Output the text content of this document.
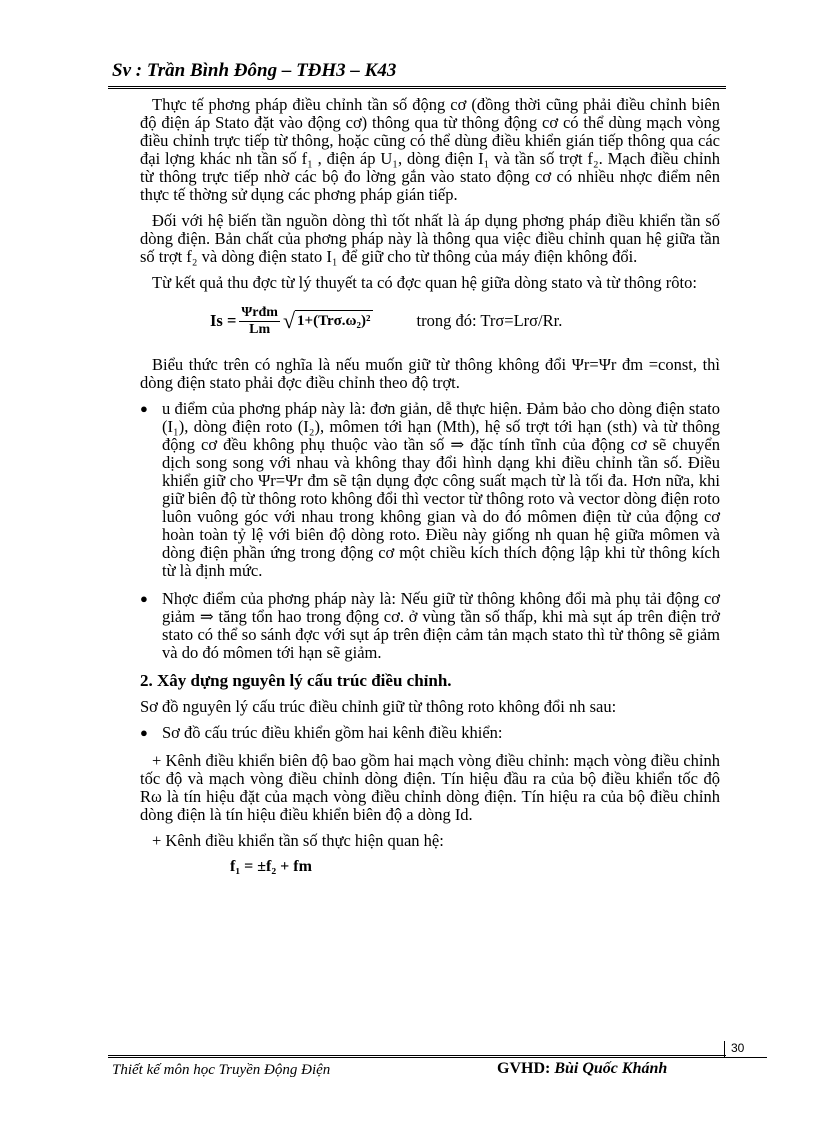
Sv : Trần Bình Đông – TĐH3 – K43

Thực tế phơng pháp điều chỉnh tần số động cơ (đồng thời cũng phải điều chỉnh biên độ điện áp Stato đặt vào động cơ) thông qua từ thông động cơ có thể dùng mạch vòng điều chỉnh trực tiếp từ thông, hoặc cũng có thể dùng điều khiển gián tiếp thông qua các đại lợng khác nh tần số f₁ , điện áp U₁, dòng điện I₁ và tần số trợt f₂. Mạch điều chỉnh từ thông trực tiếp nhờ các bộ đo lờng gắn vào stato động cơ có nhiều nhợc điểm nên thực tế thờng sử dụng các phơng pháp gián tiếp.

Đối với hệ biến tần nguồn dòng thì tốt nhất là áp dụng phơng pháp điều khiển tần số dòng điện. Bản chất của phơng pháp này là thông qua việc điều chỉnh quan hệ giữa tần số trợt f₂ và dòng điện stato I₁ để giữ cho từ thông của máy điện không đổi.

Từ kết quả thu đợc từ lý thuyết ta có đợc quan hệ giữa dòng stato và từ thông rôto:

$Is = \frac{\text{Ψrđm}}{Lm}$ √ 1+(Trσ.ω₂)²	trong đó: Trσ=Lrσ/Rr.

Biểu thức trên có nghĩa là nếu muốn giữ từ thông không đổi Ψr=Ψr đm =const, thì dòng điện stato phải đợc điều chỉnh theo độ trợt.

● u điểm của phơng pháp này là: đơn giản, dễ thực hiện. Đảm bảo cho dòng điện stato (I₁), dòng điện roto (I₂), mômen tới hạn (Mth), hệ số trợt tới hạn (sth) và từ thông động cơ đều không phụ thuộc vào tần số ⇒ đặc tính tĩnh của động cơ sẽ chuyển dịch song song với nhau và không thay đổi hình dạng khi điều chỉnh tần số. Điều khiển giữ cho Ψr=Ψr đm sẽ tận dụng đợc công suất mạch từ là tối đa. Hơn nữa, khi giữ biên độ từ thông roto không đổi thì vector từ thông roto và vector dòng điện roto luôn vuông góc với nhau trong không gian và do đó mômen điện từ của động cơ hoàn toàn tỷ lệ với biên độ dòng roto. Điều này giống nh quan hệ giữa mômen và dòng điện phần ứng trong động cơ một chiều kích thích động lập khi từ thông kích từ là định mức.
● Nhợc điểm của phơng pháp này là: Nếu giữ từ thông không đổi mà phụ tải động cơ giảm ⇒ tăng tổn hao trong động cơ. ở vùng tần số thấp, khi mà sụt áp trên điện trở stato có thể so sánh đợc với sụt áp trên điện cảm tản mạch stato thì từ thông sẽ giảm và do đó mômen tới hạn sẽ giảm.
2. Xây dựng nguyên lý cấu trúc điều chỉnh.

Sơ đồ nguyên lý cấu trúc điều chỉnh giữ từ thông roto không đổi nh sau:

● Sơ đồ cấu trúc điều khiển gồm hai kênh điều khiển:

+ Kênh điều khiển biên độ bao gồm hai mạch vòng điều chỉnh: mạch vòng điều chỉnh tốc độ và mạch vòng điều chỉnh dòng điện. Tín hiệu đầu ra của bộ điều khiển tốc độ Rω là tín hiệu đặt của mạch vòng điều chỉnh dòng điện. Tín hiệu ra của bộ điều chỉnh dòng điện là tín hiệu điều khiển biên độ a dòng Id.

+ Kênh điều khiển tần số thực hiện quan hệ:

f₁ = ±f₂ + fm
30
Thiết kế môn học Truyền Động Điện	GVHD: Bùi Quốc Khánh
